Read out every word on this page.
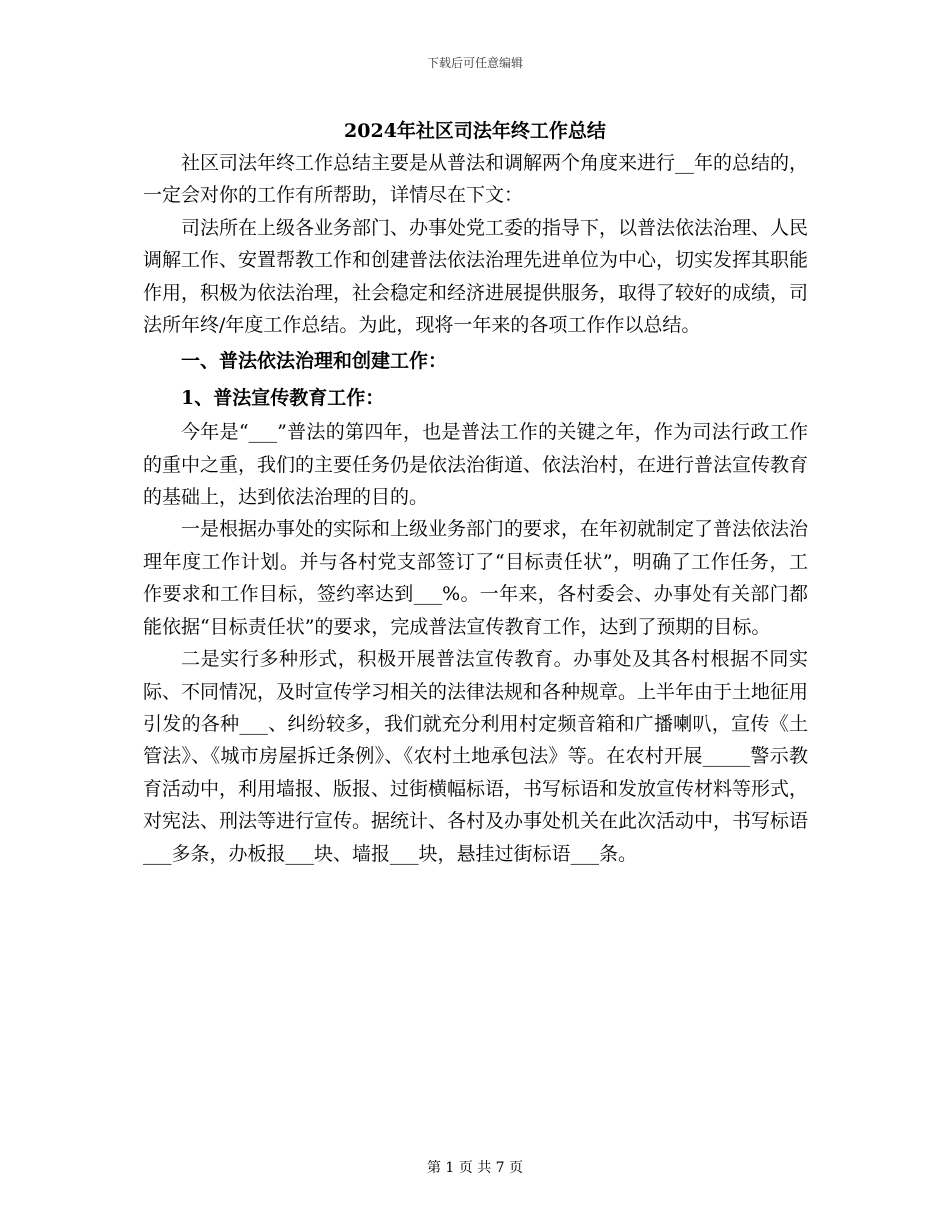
下载后可任意编辑
2024年社区司法年终工作总结

社区司法年终工作总结主要是从普法和调解两个角度来进行__年的总结的，一定会对你的工作有所帮助，详情尽在下文：

司法所在上级各业务部门、办事处党工委的指导下，以普法依法治理、人民调解工作、安置帮教工作和创建普法依法治理先进单位为中心，切实发挥其职能作用，积极为依法治理，社会稳定和经济进展提供服务，取得了较好的成绩，司法所年终/年度工作总结。为此，现将一年来的各项工作作以总结。

一、普法依法治理和创建工作：

1、普法宣传教育工作：

今年是“___”普法的第四年，也是普法工作的关键之年，作为司法行政工作的重中之重，我们的主要任务仍是依法治街道、依法治村，在进行普法宣传教育的基础上，达到依法治理的目的。

一是根据办事处的实际和上级业务部门的要求，在年初就制定了普法依法治理年度工作计划。并与各村党支部签订了“目标责任状”，明确了工作任务，工作要求和工作目标，签约率达到___%。一年来，各村委会、办事处有关部门都能依据“目标责任状”的要求，完成普法宣传教育工作，达到了预期的目标。

二是实行多种形式，积极开展普法宣传教育。办事处及其各村根据不同实际、不同情况，及时宣传学习相关的法律法规和各种规章。上半年由于土地征用引发的各种___、纠纷较多，我们就充分利用村定频音箱和广播喇叭，宣传《土管法》、《城市房屋拆迁条例》、《农村土地承包法》等。在农村开展_____警示教育活动中，利用墙报、版报、过街横幅标语，书写标语和发放宣传材料等形式，对宪法、刑法等进行宣传。据统计、各村及办事处机关在此次活动中，书写标语___多条，办板报___块、墙报___块，悬挂过街标语___条。

第 1 页 共 7 页
